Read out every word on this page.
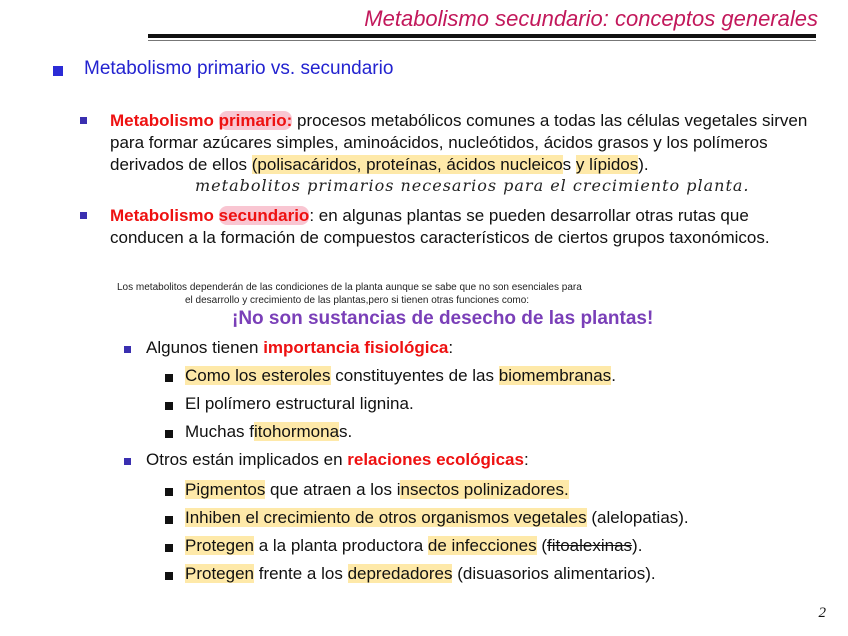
Metabolismo secundario: conceptos generales
Metabolismo primario vs. secundario
Metabolismo primario: procesos metabólicos comunes a todas las células vegetales sirven para formar azúcares simples, aminoácidos, nucleótidos, ácidos grasos y los polímeros derivados de ellos (polisacáridos, proteínas, ácidos nucleicos y lípidos).
metabolitos primarios necesarios para el crecimiento planta.
Metabolismo secundario: en algunas plantas se pueden desarrollar otras rutas que conducen a la formación de compuestos característicos de ciertos grupos taxonómicos.
Los metabolitos dependerán de las condiciones de la planta aunque se sabe que no son esenciales para
el desarrollo y crecimiento de las plantas,pero si tienen otras funciones como:
¡No son sustancias de desecho de las plantas!
Algunos tienen importancia fisiológica:
Como los esteroles constituyentes de las biomembranas.
El polímero estructural lignina.
Muchas fitohormonas.
Otros están implicados en relaciones ecológicas:
Pigmentos que atraen a los insectos polinizadores.
Inhiben el crecimiento de otros organismos vegetales (alelopatias).
Protegen a la planta productora de infecciones (fitoalexinas).
Protegen frente a los depredadores (disuasorios alimentarios).
2
